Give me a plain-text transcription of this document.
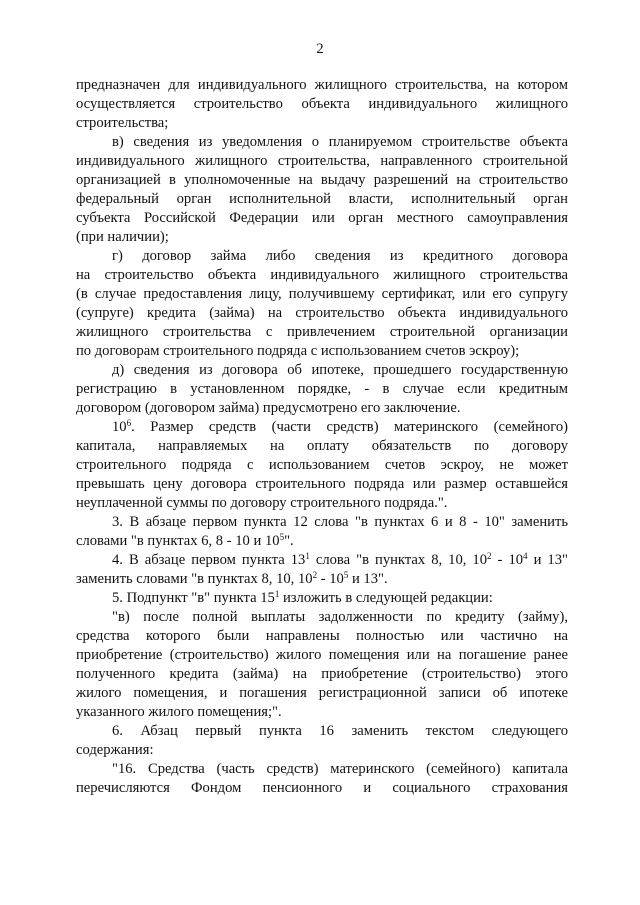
2
предназначен для индивидуального жилищного строительства, на котором
осуществляется строительство объекта индивидуального жилищного
строительства;
в) сведения из уведомления о планируемом строительстве объекта
индивидуального жилищного строительства, направленного строительной
организацией в уполномоченные на выдачу разрешений на строительство
федеральный орган исполнительной власти, исполнительный орган
субъекта Российской Федерации или орган местного самоуправления
(при наличии);
г) договор займа либо сведения из кредитного договора
на строительство объекта индивидуального жилищного строительства
(в случае предоставления лицу, получившему сертификат, или его супругу
(супруге) кредита (займа) на строительство объекта индивидуального
жилищного строительства с привлечением строительной организации
по договорам строительного подряда с использованием счетов эскроу);
д) сведения из договора об ипотеке, прошедшего государственную
регистрацию в установленном порядке, - в случае если кредитным
договором (договором займа) предусмотрено его заключение.
$10^6$. Размер средств (части средств) материнского (семейного)
капитала, направляемых на оплату обязательств по договору
строительного подряда с использованием счетов эскроу, не может
превышать цену договора строительного подряда или размер оставшейся
неуплаченной суммы по договору строительного подряда.".
3. В абзаце первом пункта 12 слова "в пунктах 6 и 8 - 10" заменить
словами "в пунктах 6, 8 - 10 и $10^5$".
4. В абзаце первом пункта $13^1$ слова "в пунктах 8, 10, $10^2 - 10^4$ и 13"
заменить словами "в пунктах 8, 10, $10^2 - 10^5$ и 13".
5. Подпункт "в" пункта $15^1$ изложить в следующей редакции:
"в) после полной выплаты задолженности по кредиту (займу),
средства которого были направлены полностью или частично на
приобретение (строительство) жилого помещения или на погашение ранее
полученного кредита (займа) на приобретение (строительство) этого
жилого помещения, и погашения регистрационной записи об ипотеке
указанного жилого помещения;".
6. Абзац первый пункта 16 заменить текстом следующего
содержания:
"16. Средства (часть средств) материнского (семейного) капитала
перечисляются Фондом пенсионного и социального страхования
